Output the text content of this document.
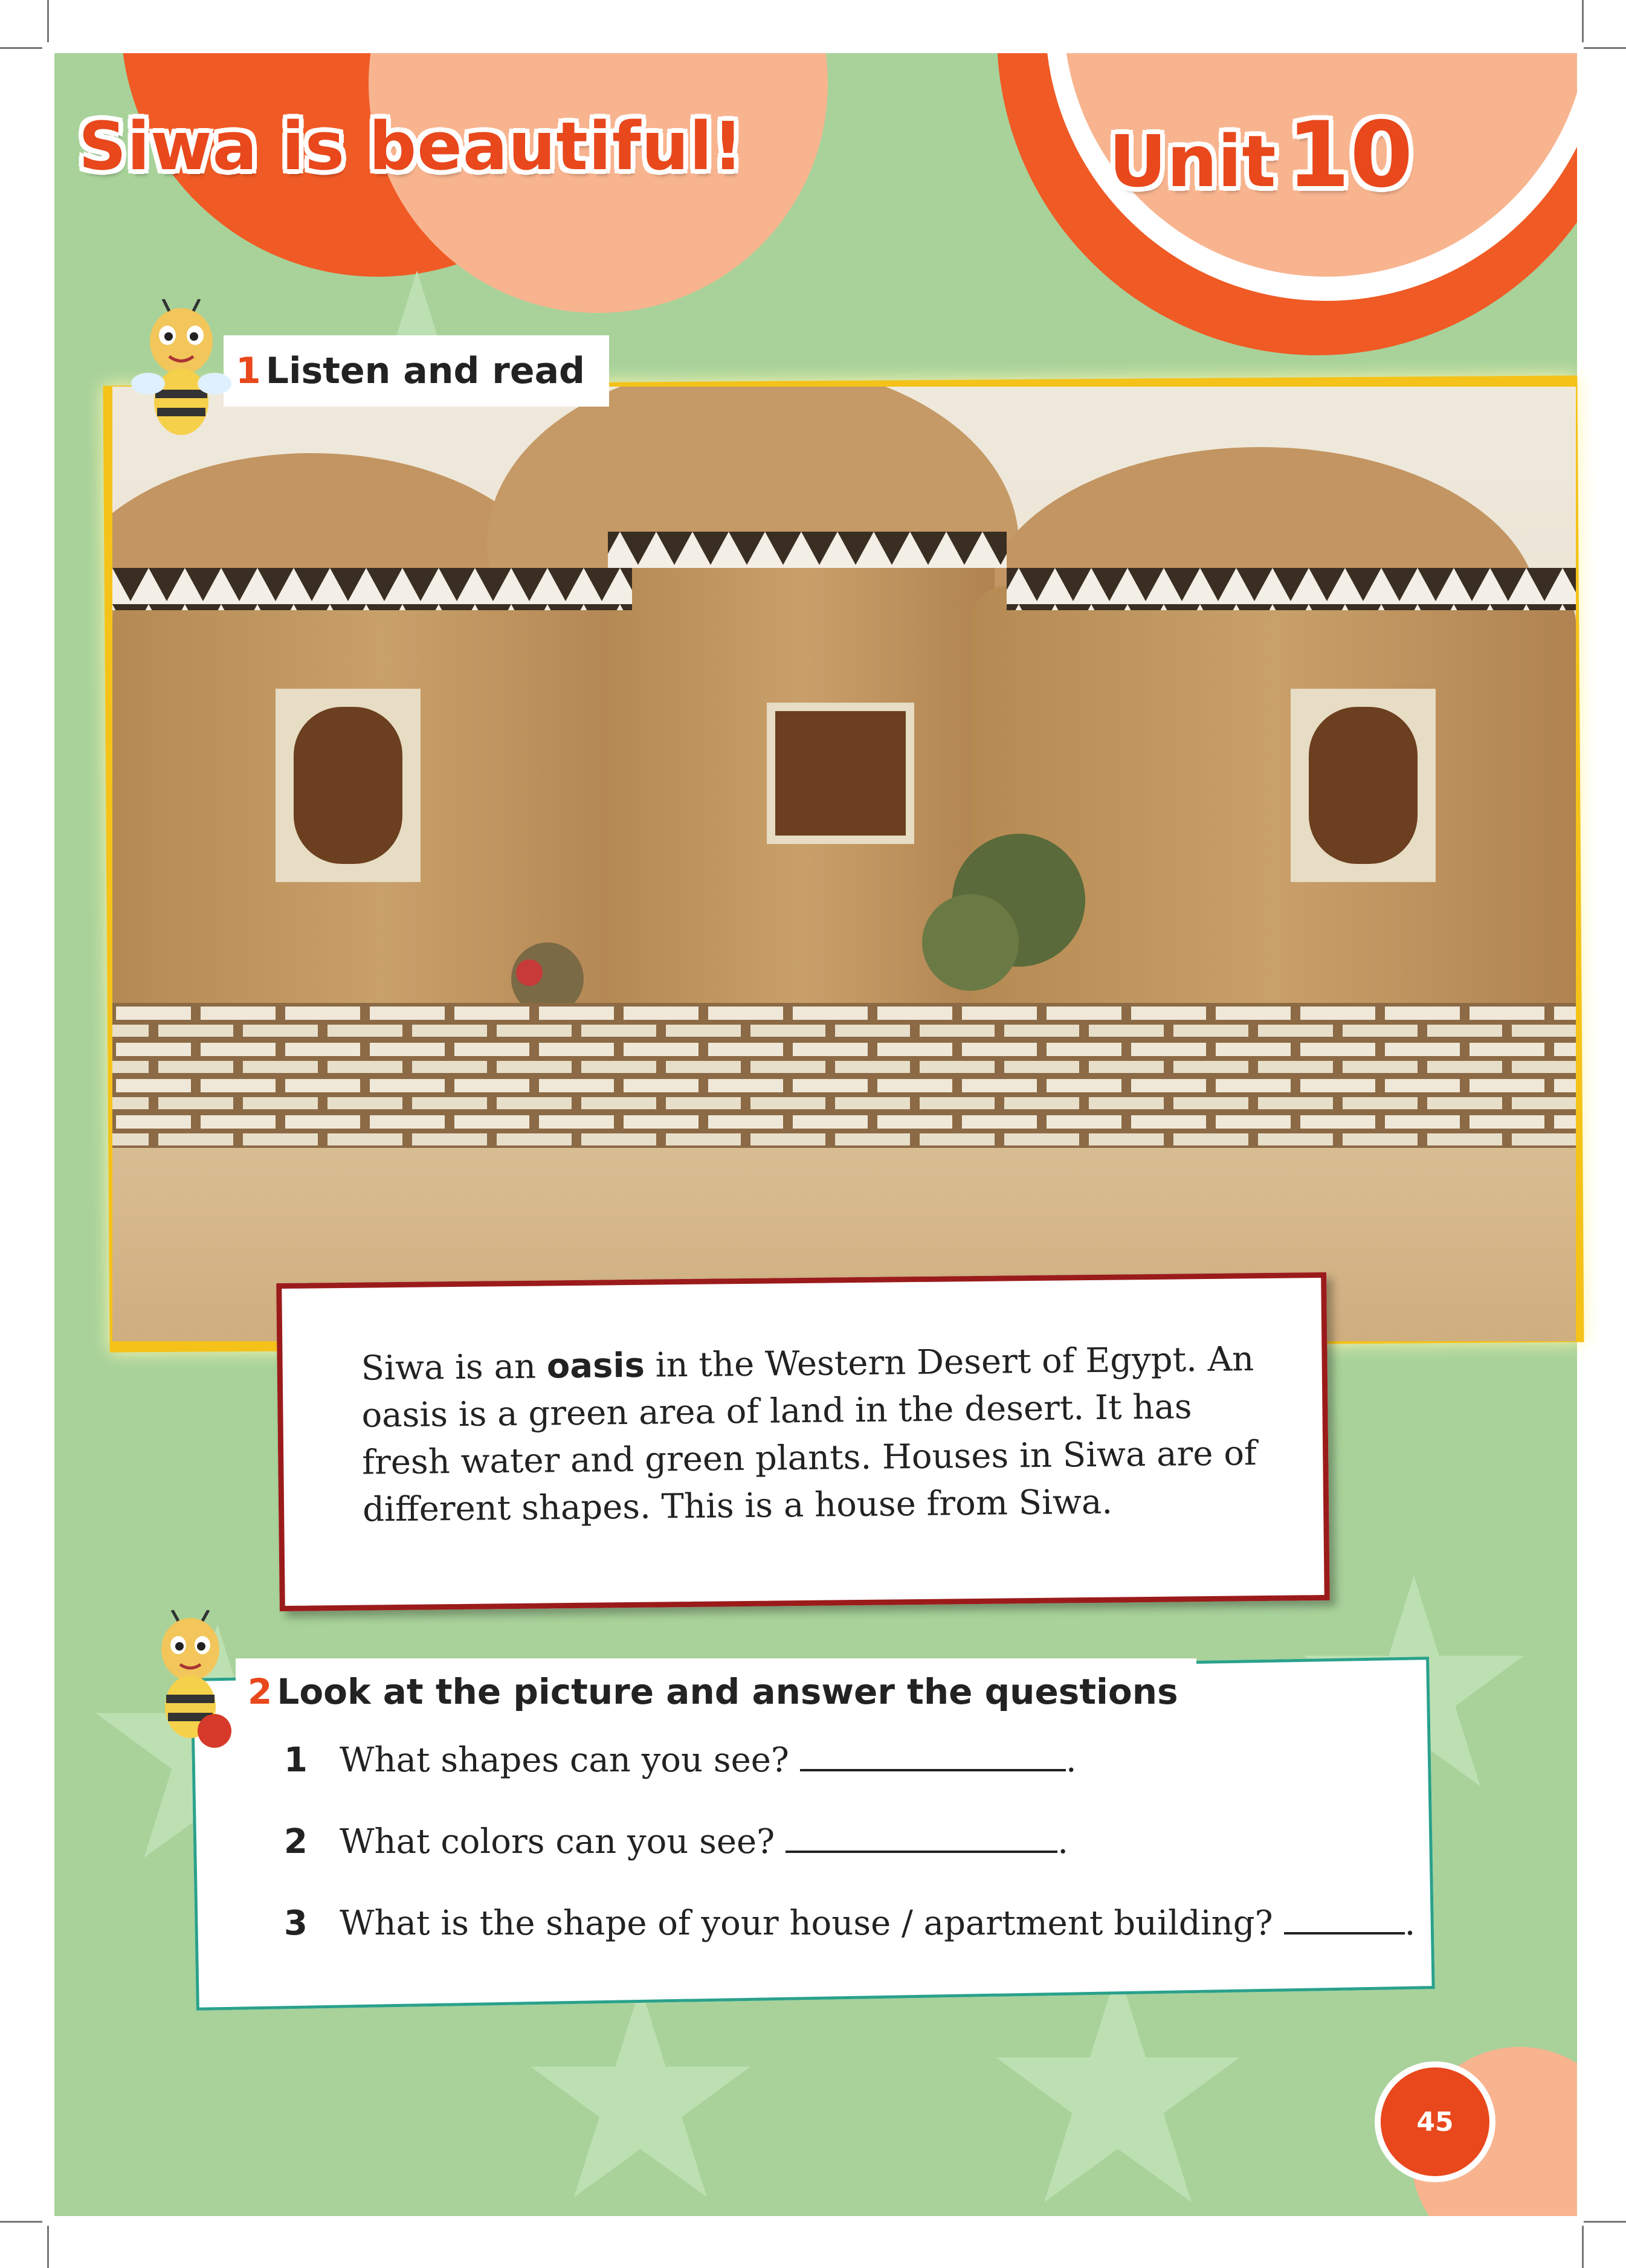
Siwa is beautiful!	Unit 10
1 Listen and read

Siwa is an oasis in the Western Desert of Egypt. An oasis is a green area of land in the desert. It has fresh water and green plants. Houses in Siwa are of different shapes. This is a house from Siwa.

2 Look at the picture and answer the questions
1 What shapes can you see?	.
2 What colors can you see?	.
3 What is the shape of your house / apartment building?	.
45
